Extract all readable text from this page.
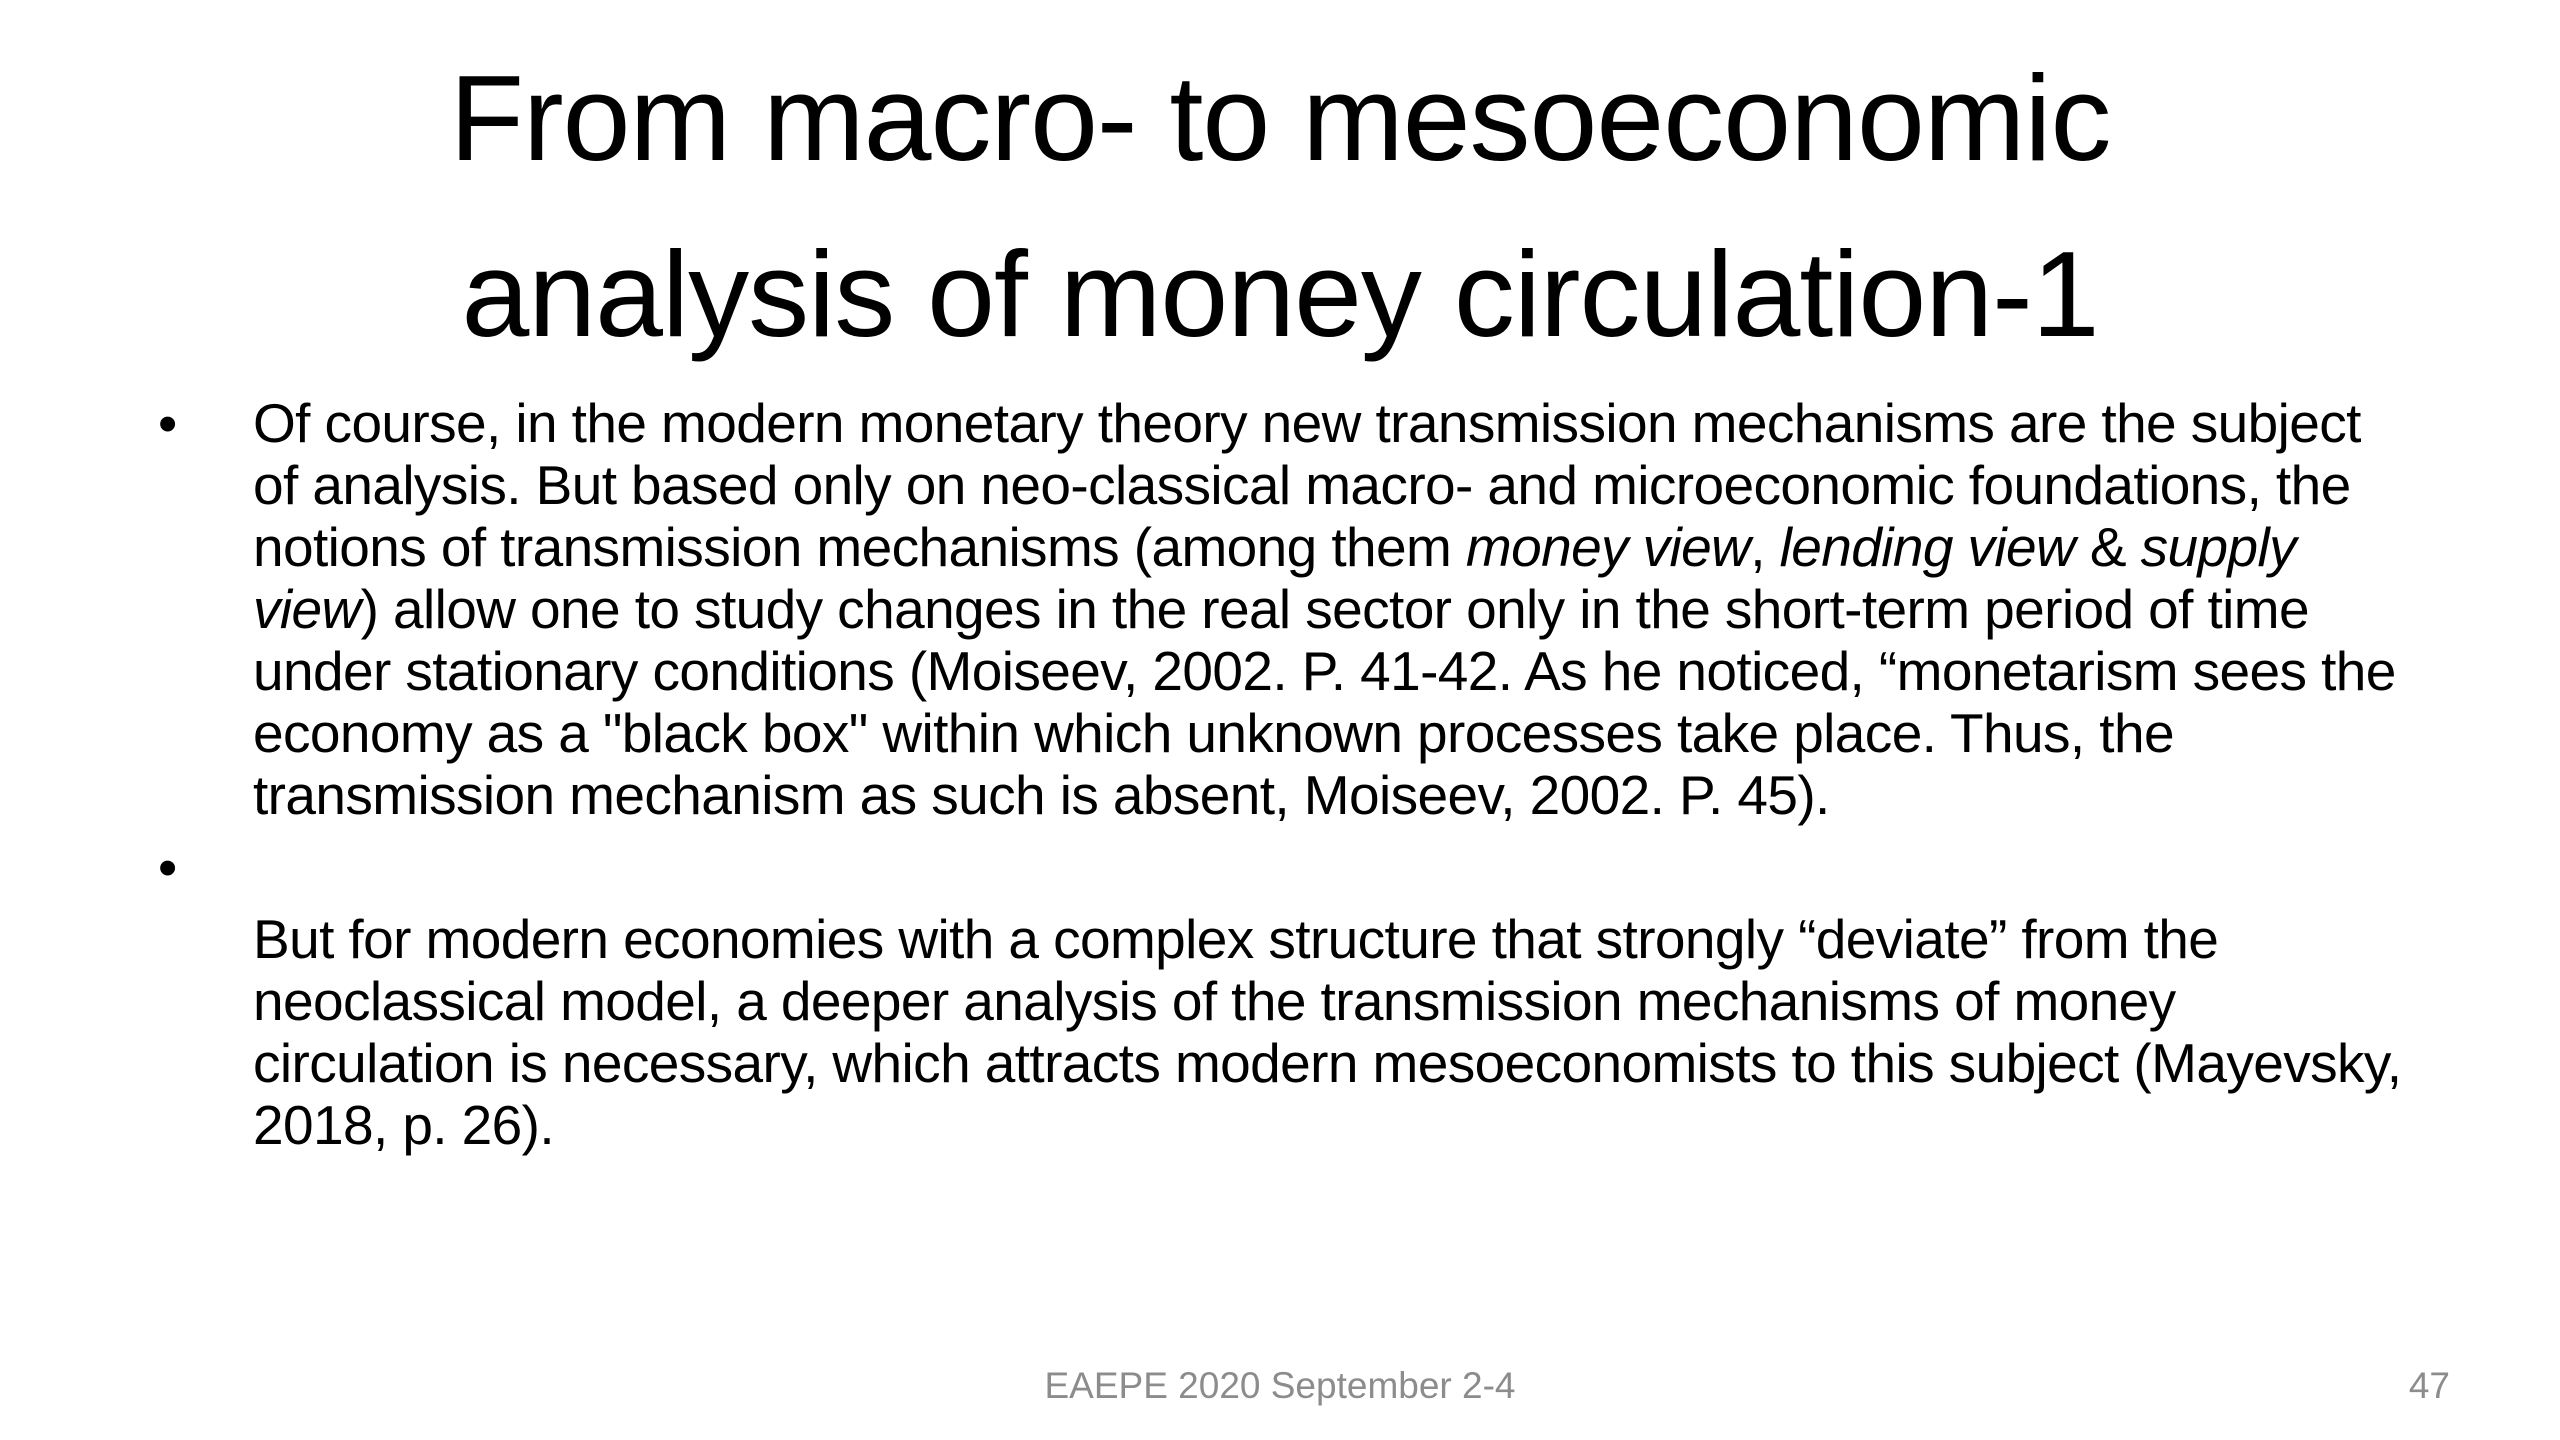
From macro- to mesoeconomic
analysis of money circulation-1
• Of course, in the modern monetary theory new transmission mechanisms are the subject of analysis. But based only on neo-classical macro- and microeconomic foundations, the notions of transmission mechanisms (among them money view, lending view & supply view) allow one to study changes in the real sector only in the short-term period of time under stationary conditions (Moiseev, 2002. P. 41-42. As he noticed, “monetarism sees the economy as a "black box" within which unknown processes take place. Thus, the transmission mechanism as such is absent, Moiseev, 2002. P. 45).

•

But for modern economies with a complex structure that strongly “deviate” from the neoclassical model, a deeper analysis of the transmission mechanisms of money circulation is necessary, which attracts modern mesoeconomists to this subject (Mayevsky, 2018, p. 26).

EAEPE 2020 September 2-4	47
